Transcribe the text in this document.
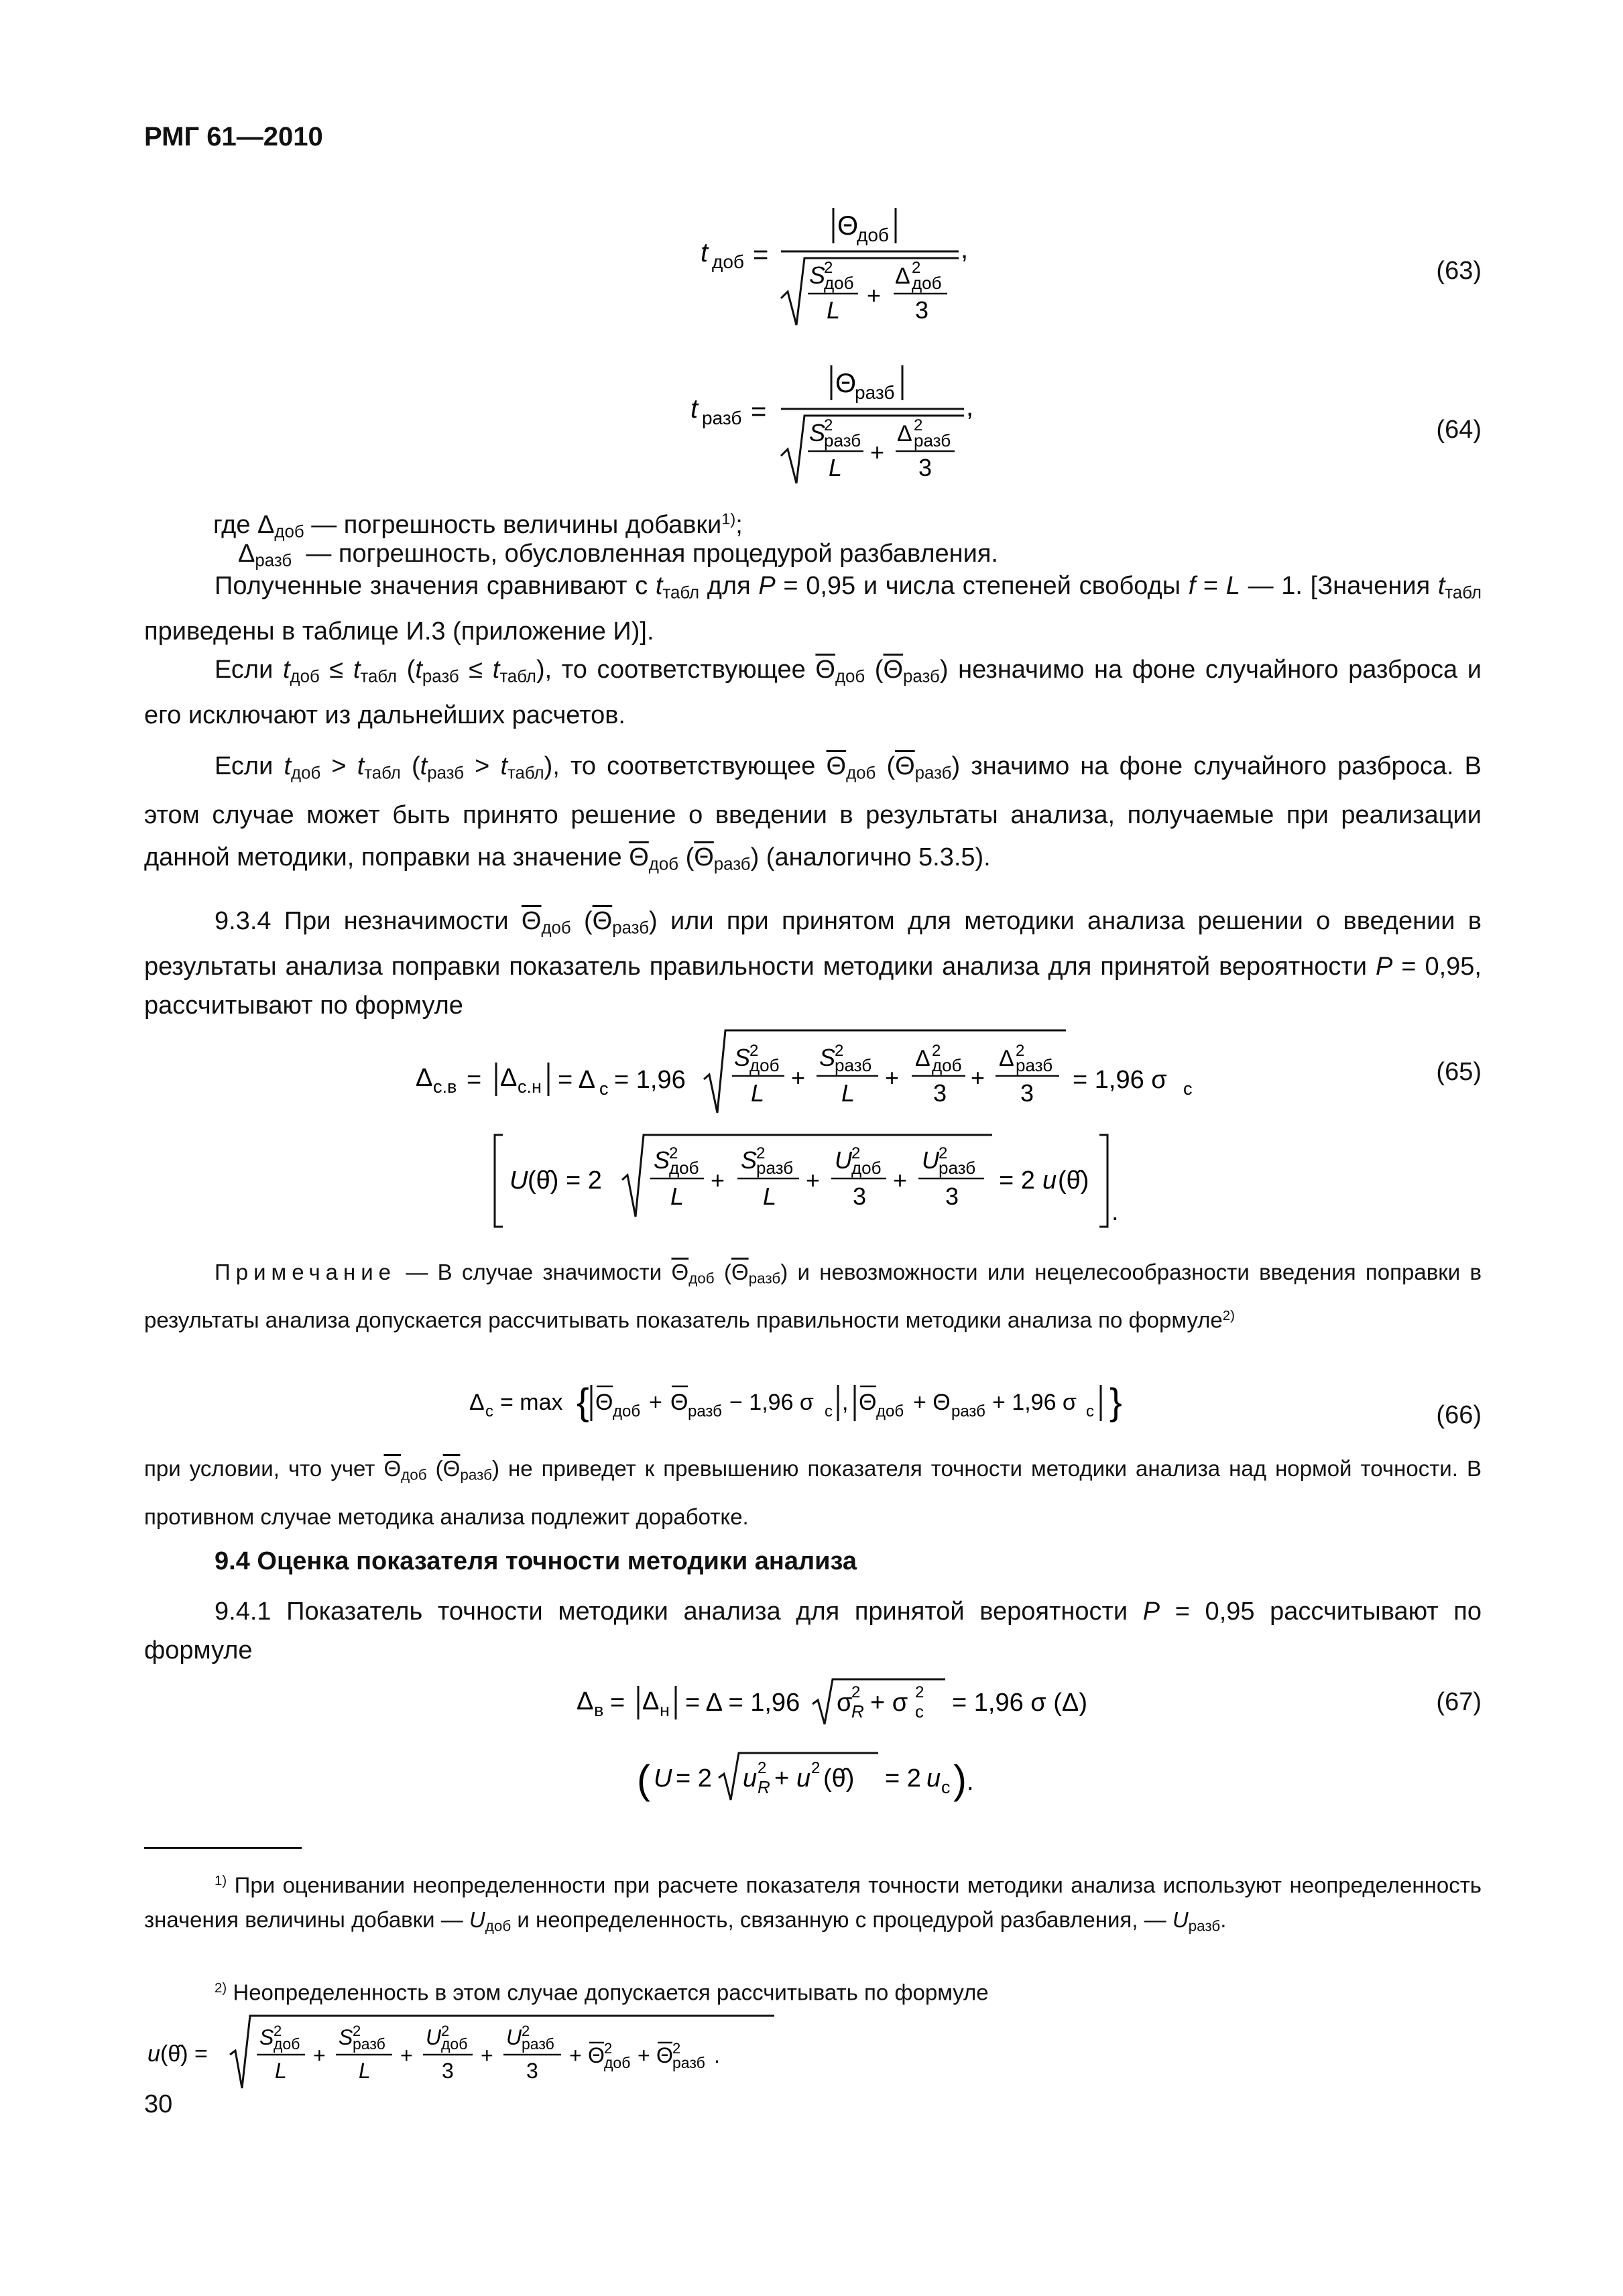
РМГ 61—2010
t доб =
Θ
доб	,
S
2
доб
L
+
Δ 2
доб
3
(63)
t разб =
Θ
разб	,
S
2
разб
L
+
Δ 2
разб
3
(64)
где $\Delta_{доб}$ — погрешность величины добавки$^{1)}$;
$\Delta_{разб}$ — погрешность, обусловленная процедурой разбавления.
Полученные значения сравнивают с $t_{табл}$ для P = 0,95 и числа степеней свободы f = L — 1. [Значения $t_{табл}$ приведены в таблице И.3 (приложение И)].
Если $t_{доб} \le t_{табл}$ $(t_{разб} \le t_{табл})$, то соответствующее $\overline{\Theta}_{доб}$ $(\overline{\Theta}_{разб})$ незначимо на фоне случайного разброса и его исключают из дальнейших расчетов.
Если $t_{доб} > t_{табл}$ $(t_{разб} > t_{табл})$, то соответствующее $\overline{\Theta}_{доб}$ $(\overline{\Theta}_{разб})$ значимо на фоне случайного разброса. В этом случае может быть принято решение о введении в результаты анализа, получаемые при реализации данной методики, поправки на значение $\overline{\Theta}_{доб}$ $(\overline{\Theta}_{разб})$ (аналогично 5.3.5).
9.3.4 При незначимости $\overline{\Theta}_{доб}$ $(\overline{\Theta}_{разб})$ или при принятом для методики анализа решении о введении в результаты анализа поправки показатель правильности методики анализа для принятой вероятности P = 0,95, рассчитывают по формуле
Δ с.в = Δ с.н = Δ с = 1,96
S
2
доб
L
+
S
2
разб
L
+
Δ 2
доб
3
+
Δ 2
разб
3 = 1,96 σ с
U (θ̂) = 2
S
2
доб
L
+
S
2
разб
L
+
U 2
доб
3
+
U 2
разб
3
= 2 u (θ̂)
.
(65)
Примечание — В случае значимости $\overline{\Theta}_{доб}$ $(\overline{\Theta}_{разб})$ и невозможности или нецелесообразности введения поправки в результаты анализа допускается рассчитывать показатель правильности методики анализа по формуле$^{2)}$
Δ с = max { Θ доб + Θ разб − 1,96 σ с , Θ доб + Θ разб + 1,96 σ с }	(66)
при условии, что учет $\overline{\Theta}_{доб}$ $(\overline{\Theta}_{разб})$ не приведет к превышению показателя точности методики анализа над нормой точности. В противном случае методика анализа подлежит доработке.
9.4 Оценка показателя точности методики анализа
9.4.1 Показатель точности методики анализа для принятой вероятности P = 0,95 рассчитывают по формуле
Δ в = Δ н = Δ = 1,96 σ
2
R + σ 2
с = 1,96 σ (Δ)
( U = 2 u 2
R + u 2 (θ̂) = 2 u с ) .
(67)
$^{1)}$ При оценивании неопределенности при расчете показателя точности методики анализа используют неопределенность значения величины добавки — $U_{доб}$ и неопределенность, связанную с процедурой разбавления, — $U_{разб}$.
$^{2)}$ Неопределенность в этом случае допускается рассчитывать по формуле
u (θ̂) =
S 2
доб
L
+
S 2
разб
L
+
U 2
доб
3
+
U 2
разб
3
+ Θ 2
доб + Θ 2
разб .
30
